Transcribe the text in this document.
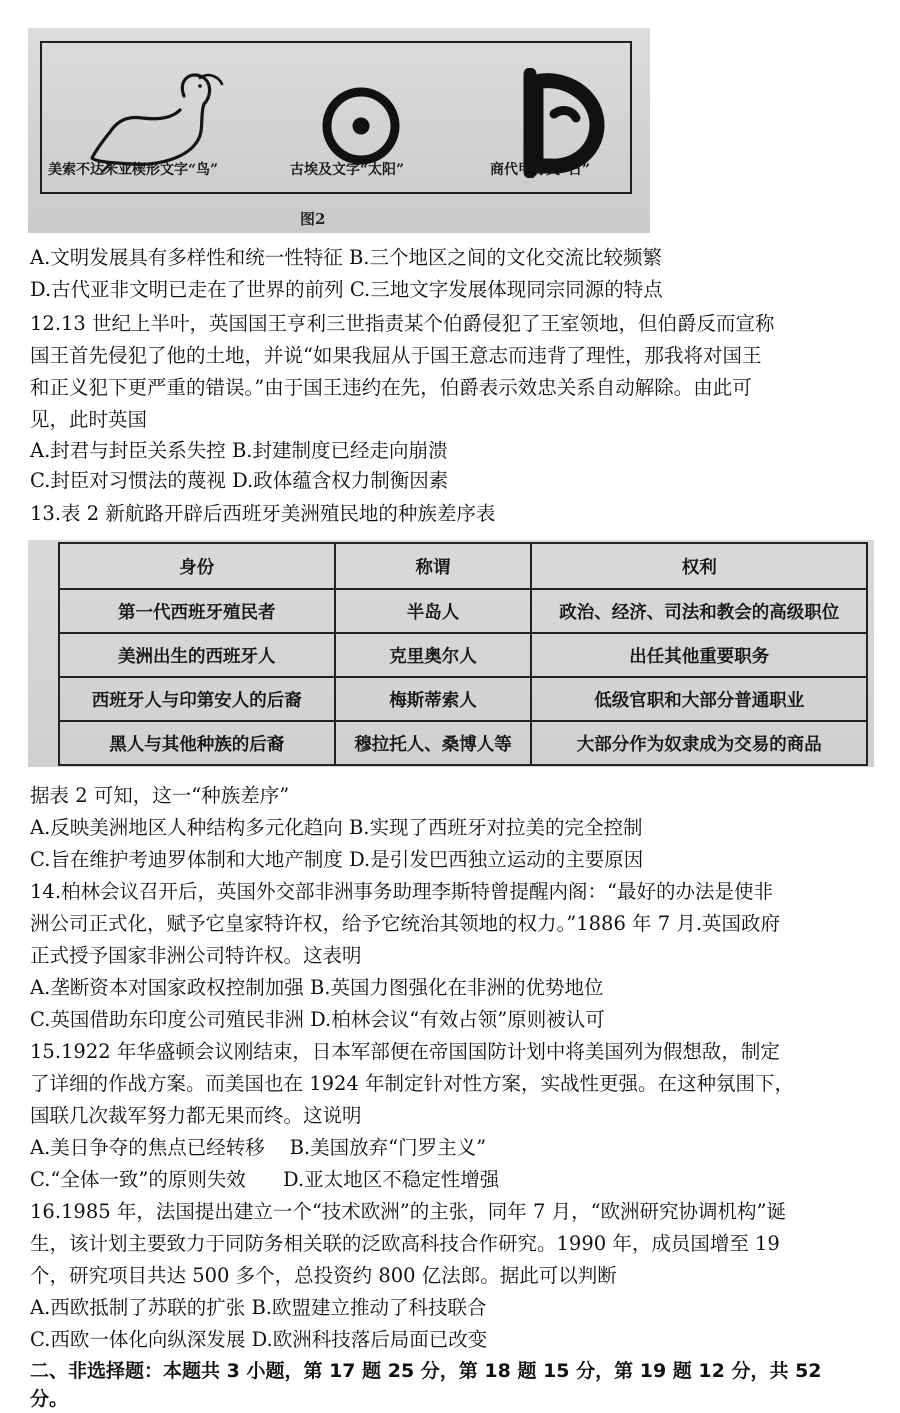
美索不达米亚楔形文字“鸟”	古埃及文字“太阳”	商代甲骨文“日”
图2
A.文明发展具有多样性和统一性特征 B.三个地区之间的文化交流比较频繁
D.古代亚非文明已走在了世界的前列 C.三地文字发展体现同宗同源的特点
12.13 世纪上半叶，英国国王亨利三世指责某个伯爵侵犯了王室领地，但伯爵反而宣称
国王首先侵犯了他的土地，并说“如果我屈从于国王意志而违背了理性，那我将对国王
和正义犯下更严重的错误。”由于国王违约在先，伯爵表示效忠关系自动解除。由此可
见，此时英国
A.封君与封臣关系失控 B.封建制度已经走向崩溃
C.封臣对习惯法的蔑视 D.政体蕴含权力制衡因素
13.表 2 新航路开辟后西班牙美洲殖民地的种族差序表
身份	称谓	权利
第一代西班牙殖民者	半岛人	政治、经济、司法和教会的高级职位
美洲出生的西班牙人	克里奥尔人	出任其他重要职务
西班牙人与印第安人的后裔	梅斯蒂索人	低级官职和大部分普通职业
黑人与其他种族的后裔	穆拉托人、桑博人等	大部分作为奴隶成为交易的商品
据表 2 可知，这一“种族差序”
A.反映美洲地区人种结构多元化趋向 B.实现了西班牙对拉美的完全控制
C.旨在维护考迪罗体制和大地产制度 D.是引发巴西独立运动的主要原因
14.柏林会议召开后，英国外交部非洲事务助理李斯特曾提醒内阁：“最好的办法是使非
洲公司正式化，赋予它皇家特许权，给予它统治其领地的权力。”1886 年 7 月.英国政府
正式授予国家非洲公司特许权。这表明
A.垄断资本对国家政权控制加强 B.英国力图强化在非洲的优势地位
C.英国借助东印度公司殖民非洲 D.柏林会议“有效占领”原则被认可
15.1922 年华盛顿会议刚结束，日本军部便在帝国国防计划中将美国列为假想敌，制定
了详细的作战方案。而美国也在 1924 年制定针对性方案，实战性更强。在这种氛围下，
国联几次裁军努力都无果而终。这说明
A.美日争夺的焦点已经转移    B.美国放弃“门罗主义”
C.“全体一致”的原则失效      D.亚太地区不稳定性增强
16.1985 年，法国提出建立一个“技术欧洲”的主张，同年 7 月，“欧洲研究协调机构”诞
生，该计划主要致力于同防务相关联的泛欧高科技合作研究。1990 年，成员国增至 19
个，研究项目共达 500 多个，总投资约 800 亿法郎。据此可以判断
A.西欧抵制了苏联的扩张 B.欧盟建立推动了科技联合
C.西欧一体化向纵深发展 D.欧洲科技落后局面已改变
二、非选择题：本题共 3 小题，第 17 题 25 分，第 18 题 15 分，第 19 题 12 分，共 52
分。
